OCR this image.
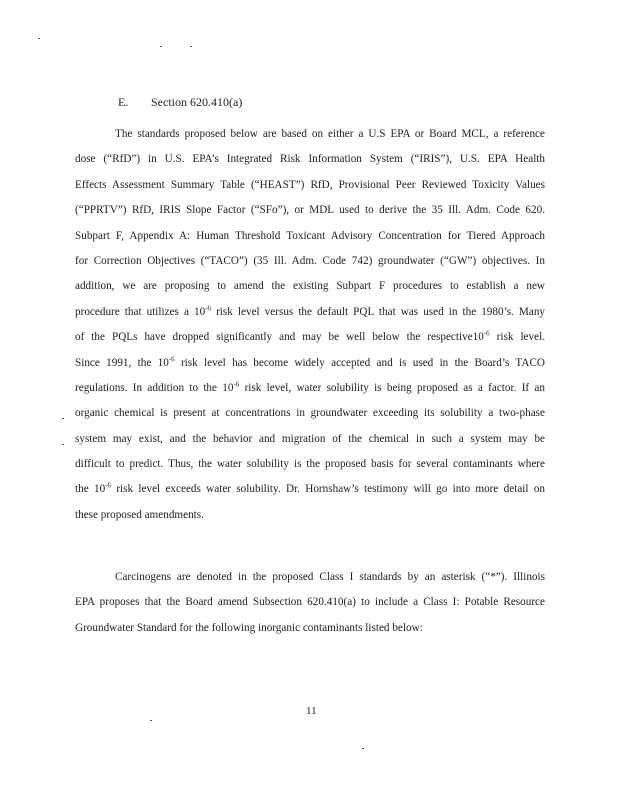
E. Section 620.410(a)
The standards proposed below are based on either a U.S EPA or Board MCL, a reference
dose (“RfD”) in U.S. EPA’s Integrated Risk Information System (“IRIS”), U.S. EPA Health
Effects Assessment Summary Table (“HEAST”) RfD, Provisional Peer Reviewed Toxicity Values
(“PPRTV”) RfD, IRIS Slope Factor (“SFo”), or MDL used to derive the 35 Ill. Adm. Code 620.
Subpart F, Appendix A: Human Threshold Toxicant Advisory Concentration for Tiered Approach
for Correction Objectives (“TACO”) (35 Ill. Adm. Code 742) groundwater (“GW”) objectives. In
addition, we are proposing to amend the existing Subpart F procedures to establish a new
procedure that utilizes a $10^{-6}$ risk level versus the default PQL that was used in the 1980’s. Many
of the PQLs have dropped significantly and may be well below the $respective10^{-6}$ risk level.
Since 1991, the $10^{-6}$ risk level has become widely accepted and is used in the Board’s TACO
regulations. In addition to the $10^{-6}$ risk level, water solubility is being proposed as a factor. If an
organic chemical is present at concentrations in groundwater exceeding its solubility a two-phase
system may exist, and the behavior and migration of the chemical in such a system may be
difficult to predict. Thus, the water solubility is the proposed basis for several contaminants where
the $10^{-6}$ risk level exceeds water solubility. Dr. Hornshaw’s testimony will go into more detail on
these proposed amendments.
Carcinogens are denoted in the proposed Class I standards by an asterisk (“*”). Illinois
EPA proposes that the Board amend Subsection 620.410(a) to include a Class I: Potable Resource
Groundwater Standard for the following inorganic contaminants listed below:
11
